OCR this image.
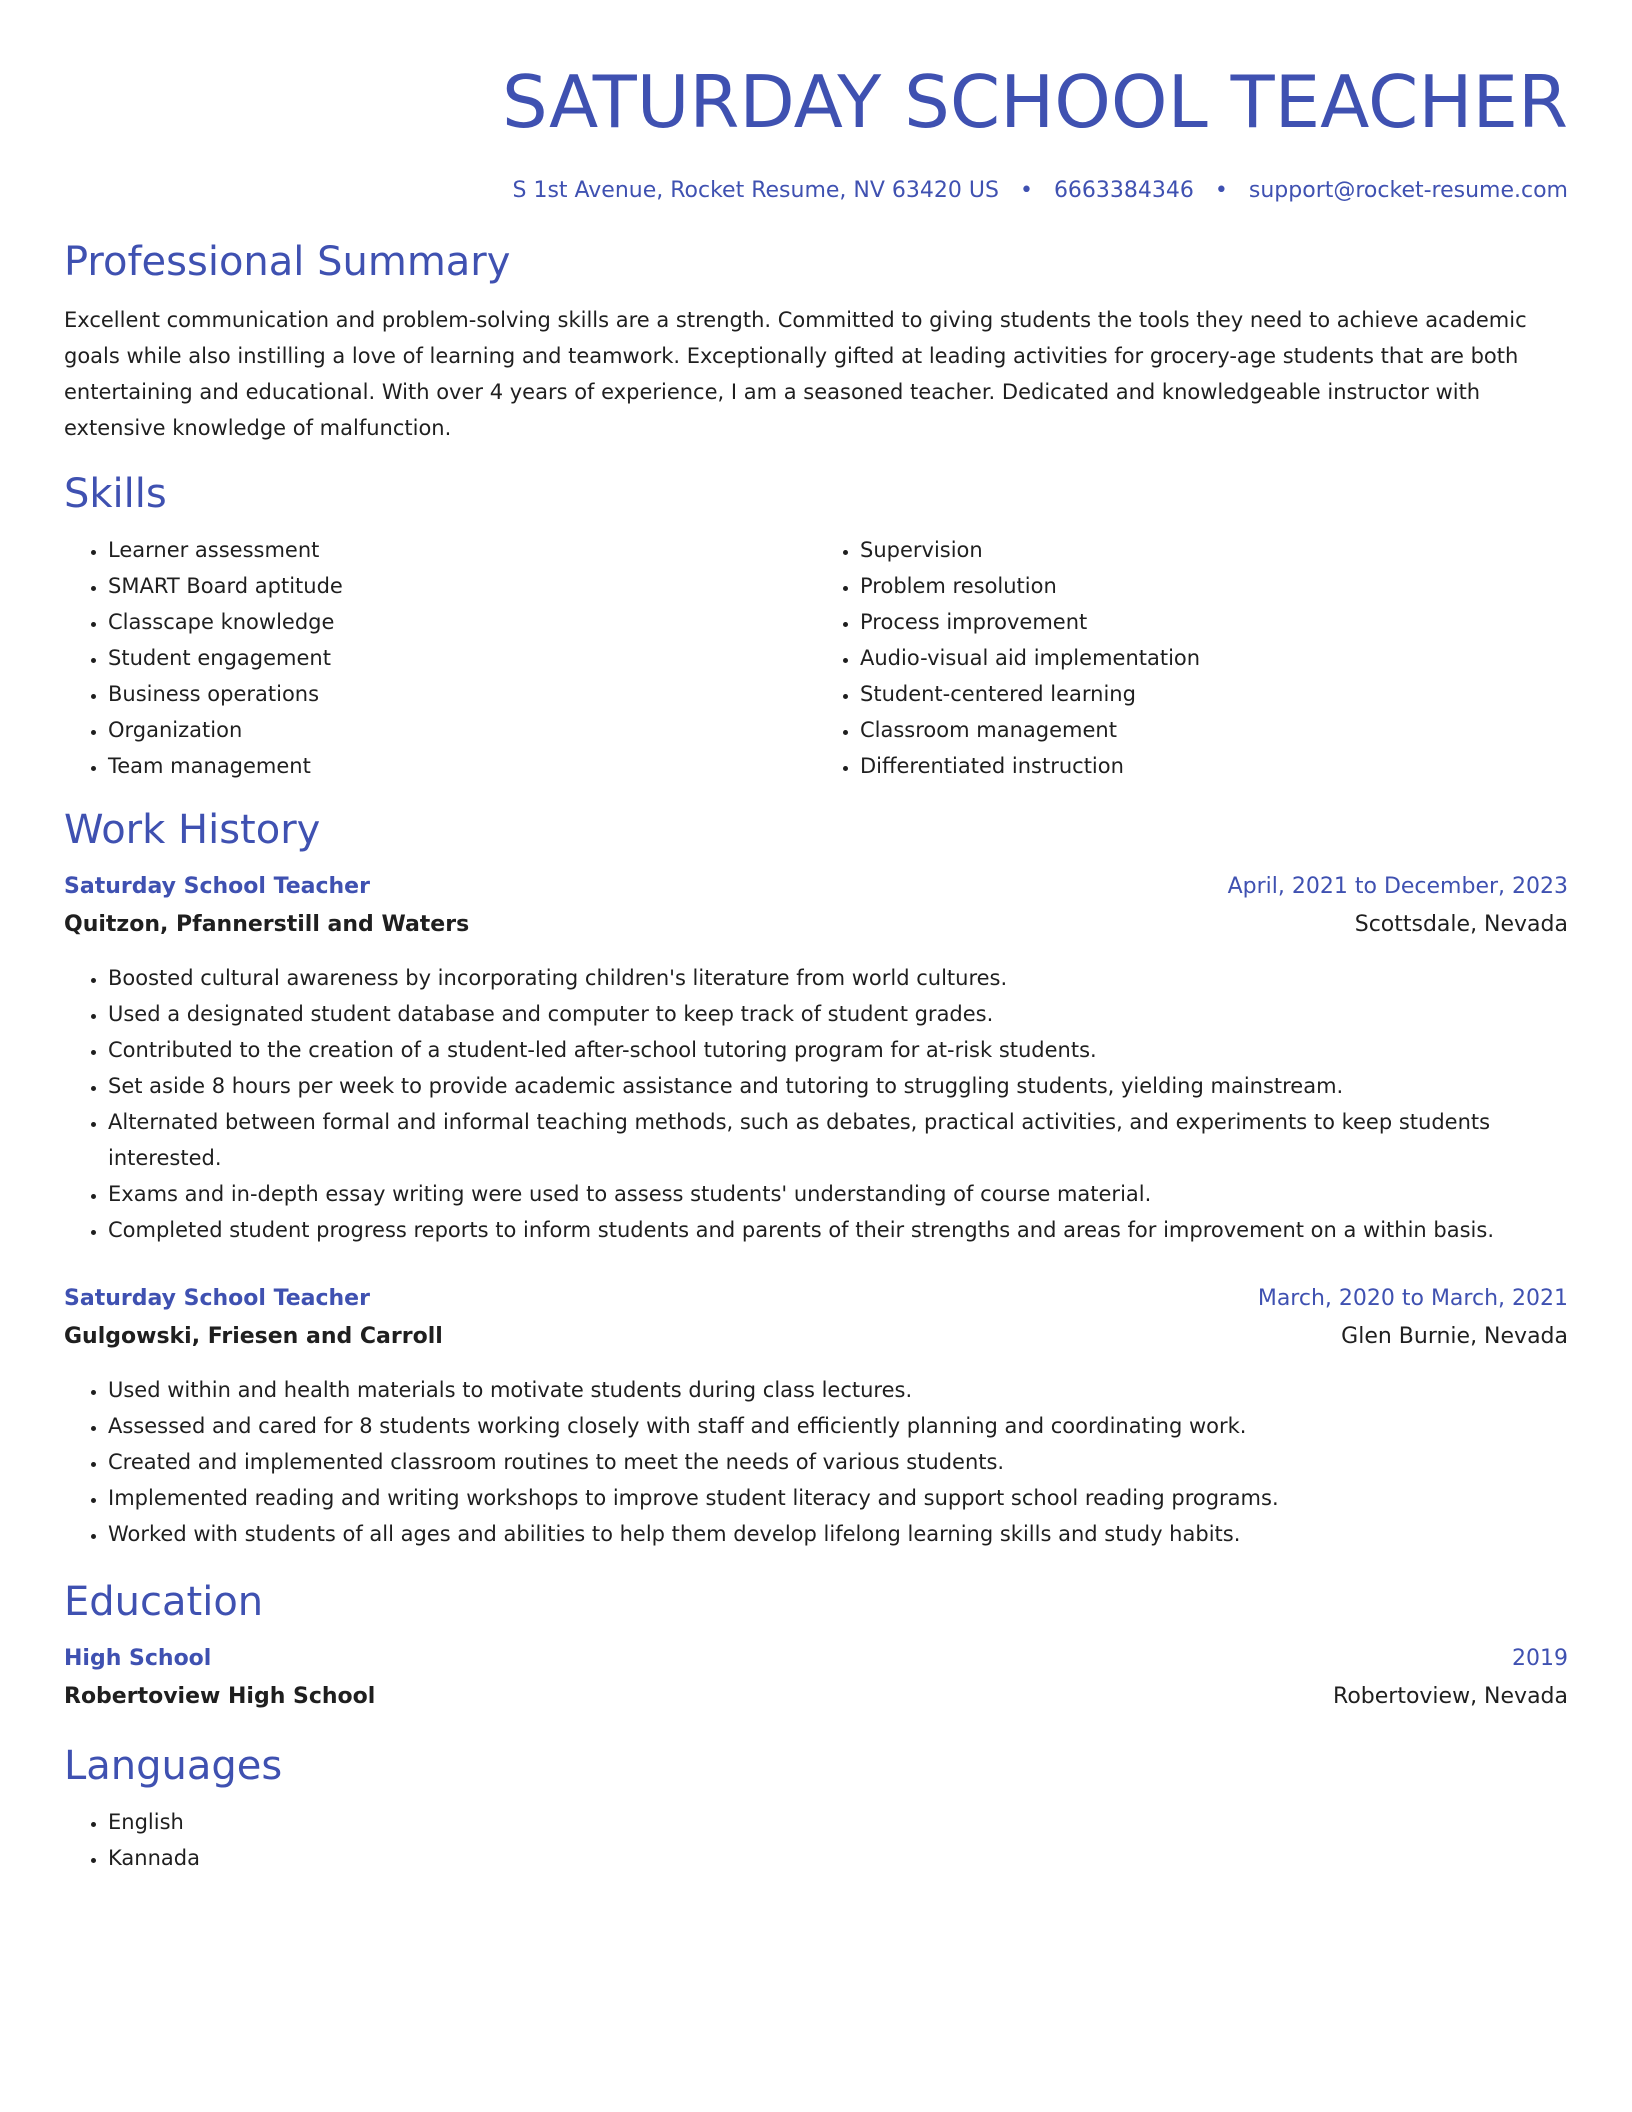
SATURDAY SCHOOL TEACHER
S 1st Avenue, Rocket Resume, NV 63420 US • 6663384346 • support@rocket-resume.com
Professional Summary

Excellent communication and problem-solving skills are a strength. Committed to giving students the tools they need to achieve academic goals while also instilling a love of learning and teamwork. Exceptionally gifted at leading activities for grocery-age students that are both entertaining and educational. With over 4 years of experience, I am a seasoned teacher. Dedicated and knowledgeable instructor with extensive knowledge of malfunction.

Skills
• Learner assessment
• SMART Board aptitude
• Classcape knowledge
• Student engagement
• Business operations
• Organization
• Team management
• Supervision
• Problem resolution
• Process improvement
• Audio-visual aid implementation
• Student-centered learning
• Classroom management
• Differentiated instruction
Work History
Saturday School Teacher	April, 2021 to December, 2023
Quitzon, Pfannerstill and Waters	Scottsdale, Nevada
• Boosted cultural awareness by incorporating children's literature from world cultures.
• Used a designated student database and computer to keep track of student grades.
• Contributed to the creation of a student-led after-school tutoring program for at-risk students.
• Set aside 8 hours per week to provide academic assistance and tutoring to struggling students, yielding mainstream.
• Alternated between formal and informal teaching methods, such as debates, practical activities, and experiments to keep students interested.
• Exams and in-depth essay writing were used to assess students' understanding of course material.
• Completed student progress reports to inform students and parents of their strengths and areas for improvement on a within basis.
Saturday School Teacher	March, 2020 to March, 2021
Gulgowski, Friesen and Carroll	Glen Burnie, Nevada
• Used within and health materials to motivate students during class lectures.
• Assessed and cared for 8 students working closely with staff and efficiently planning and coordinating work.
• Created and implemented classroom routines to meet the needs of various students.
• Implemented reading and writing workshops to improve student literacy and support school reading programs.
• Worked with students of all ages and abilities to help them develop lifelong learning skills and study habits.
Education
High School	2019
Robertoview High School	Robertoview, Nevada
Languages
• English
• Kannada
